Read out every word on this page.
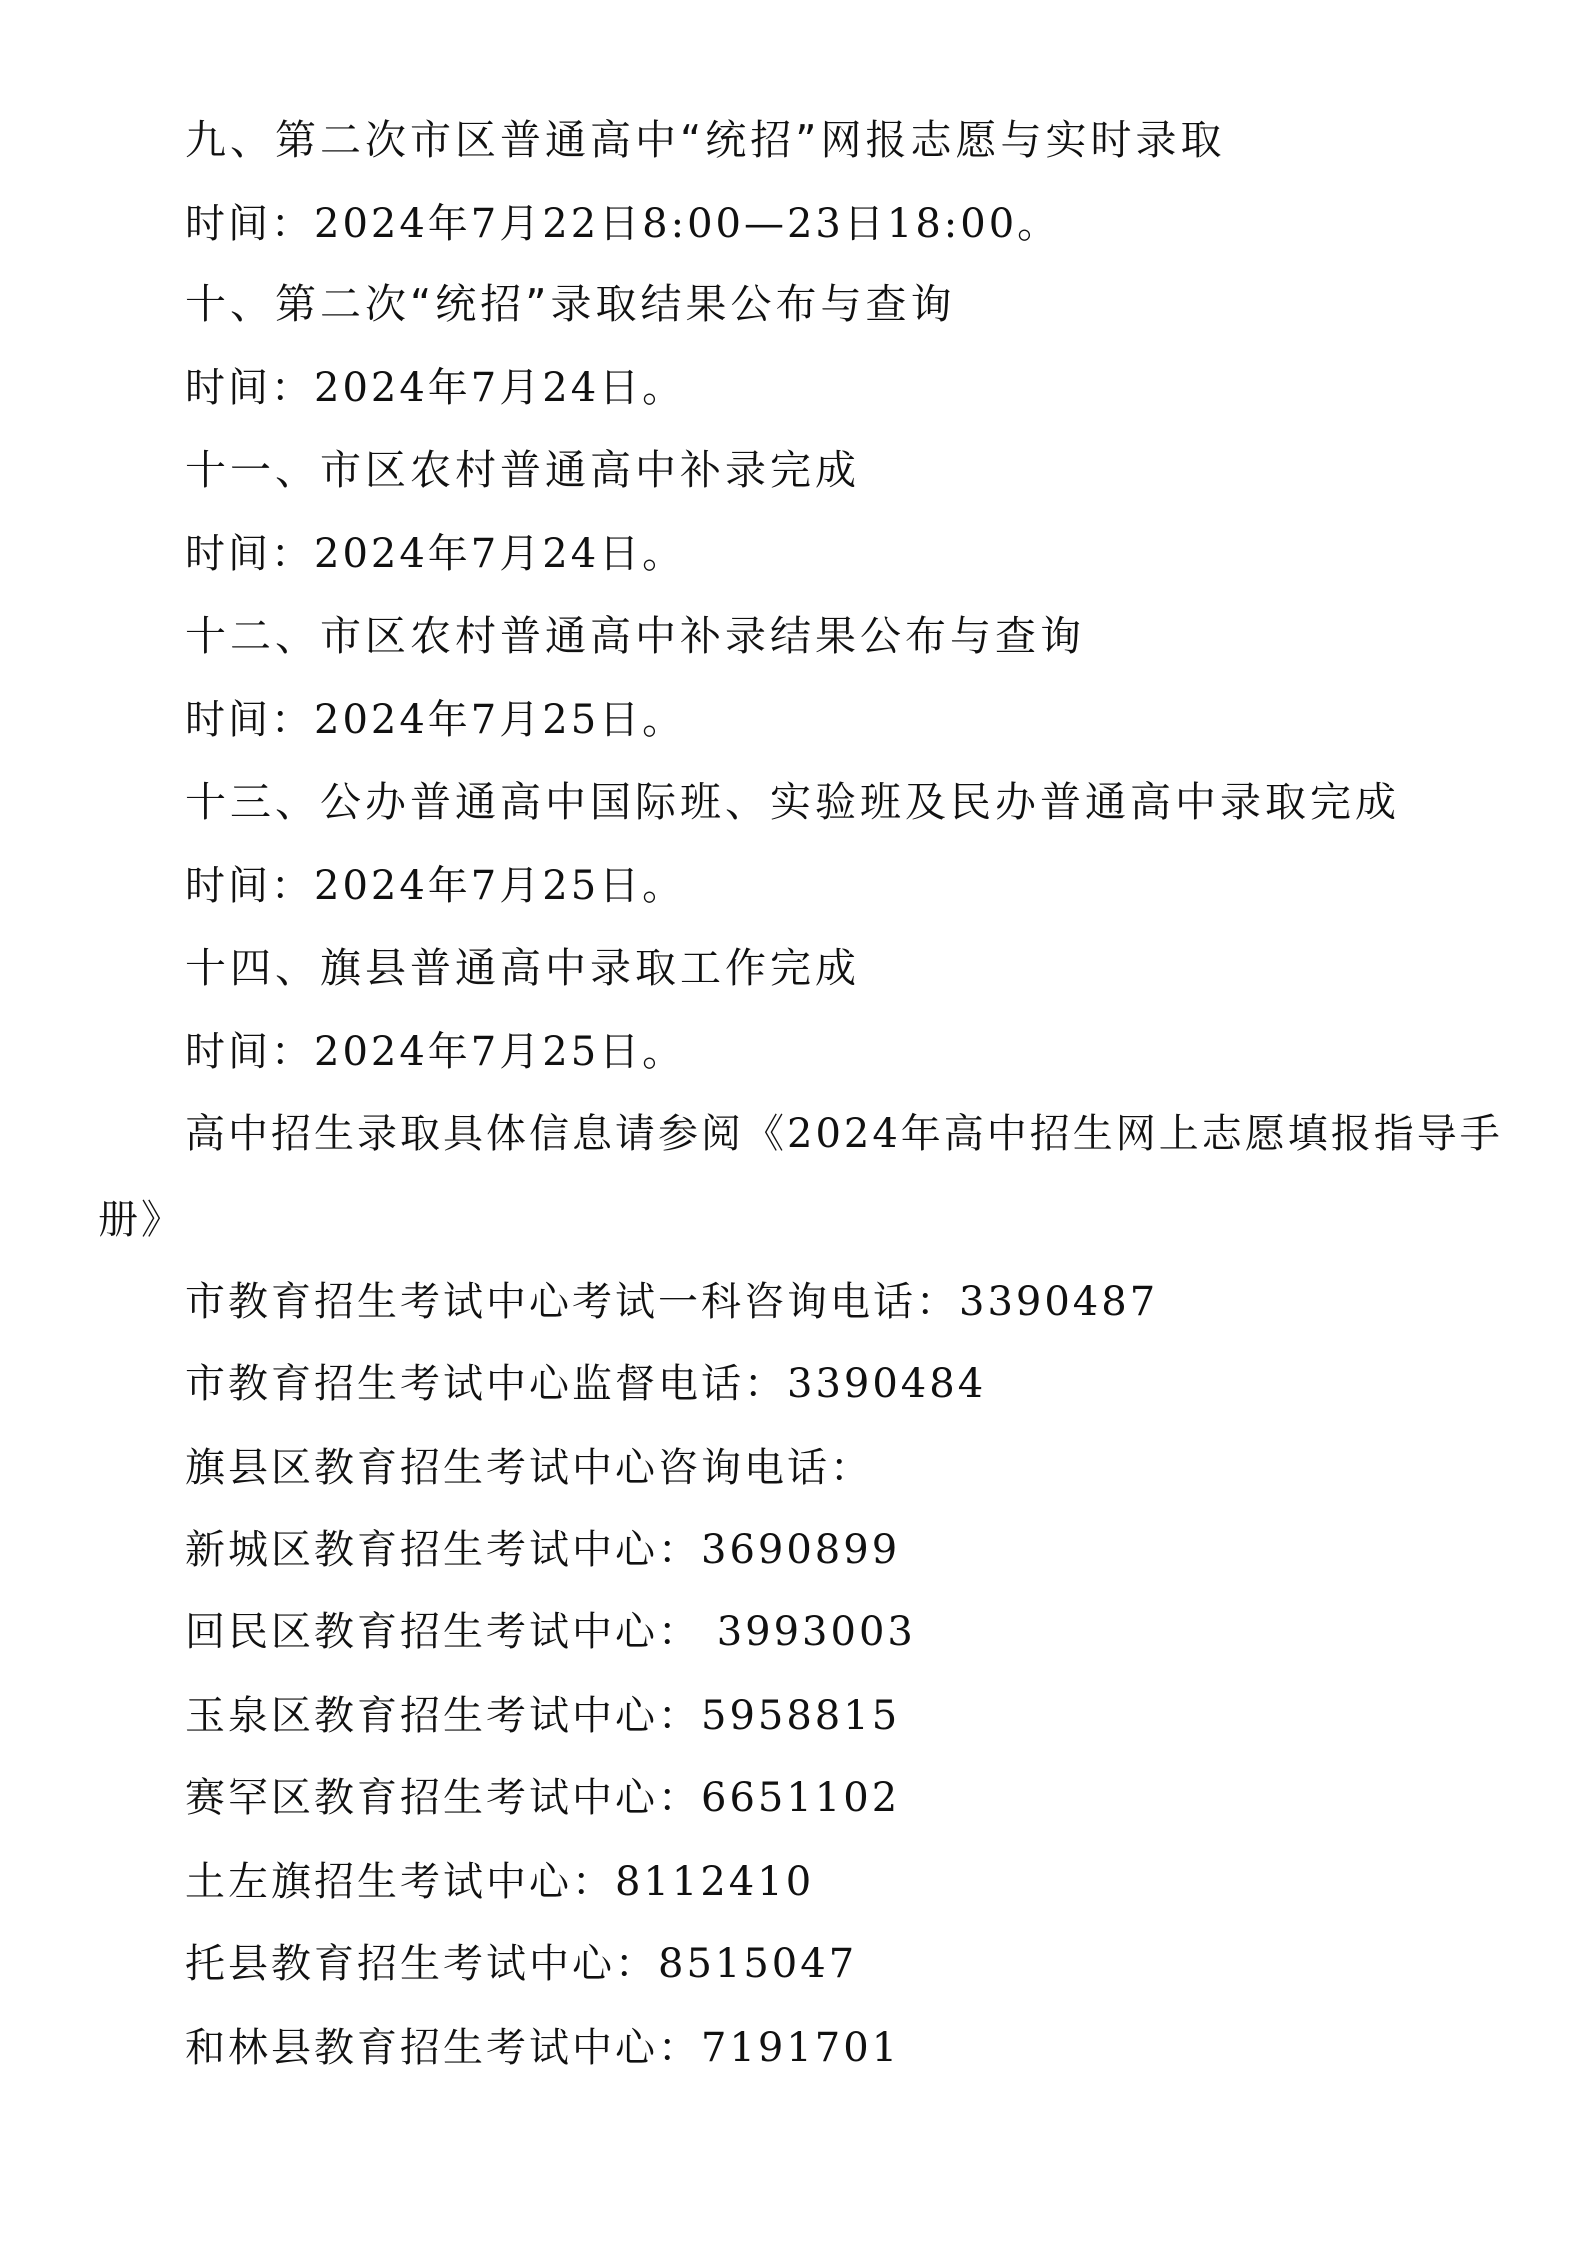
九、第二次市区普通高中“统招”网报志愿与实时录取
时间：2024年7月22日8:00—23日18:00。
十、第二次“统招”录取结果公布与查询
时间：2024年7月24日。
十一、市区农村普通高中补录完成
时间：2024年7月24日。
十二、市区农村普通高中补录结果公布与查询
时间：2024年7月25日。
十三、公办普通高中国际班、实验班及民办普通高中录取完成
时间：2024年7月25日。
十四、旗县普通高中录取工作完成
时间：2024年7月25日。
高中招生录取具体信息请参阅《2024年高中招生网上志愿填报指导手
册》
市教育招生考试中心考试一科咨询电话：3390487
市教育招生考试中心监督电话：3390484
旗县区教育招生考试中心咨询电话：
新城区教育招生考试中心：3690899
回民区教育招生考试中心： 3993003
玉泉区教育招生考试中心：5958815
赛罕区教育招生考试中心：6651102
土左旗招生考试中心：8112410
托县教育招生考试中心：8515047
和林县教育招生考试中心：7191701
